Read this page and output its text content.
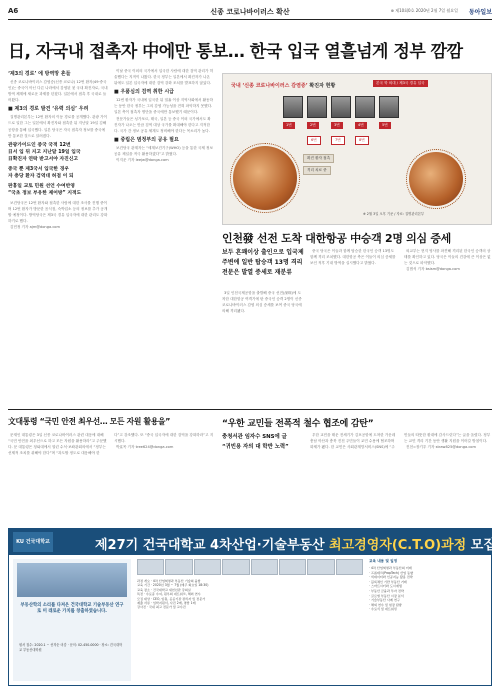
A6	신종 코로나바이러스 확산	⊕ 제10회0호 2020년 2월 7일 월요일 동아일보
日, 자국내 접촉자 中에만 통보… 한국 입국 열흘넘게 정부 깜깜
‘제3의 경로’ 에 방역망 흔들

신종 코로나바이러스 감염증(신종 코로나) 12번 환자(49·중국인)는 중국이 아닌 다른 나라에서 감염된 첫 국내 확진자로, 국내 방역 체계에 새로운 과제를 던졌다. 일본에서 접촉 후 국내로 들어왔다.

■ 제3의 경로 발견 ‘유력 의심’ 우려

질병관리본부는 12번 환자의 이동 경로를 공개했다. 관광 가이드로 일한 그는 일본에서 확진자와 접촉한 뒤 지난달 19일 김해공항을 통해 입국했다. 일본 당국은 자국 접촉자 정보를 중국에만 통보한 것으로 알려졌다.

관광가이드인 중국 국적 12번
日서 입 뒤 지고 지난달 19일 입국
日확진자 연락 받고서야 자진신고
중국 뿐 제3국서 입국한 경우
자 충당 환자 검역대 허점 이 되
판홍일 교토 민원 선언 수여반영
“국초 정보 부유한 제어방” 지적도

보건당국은 12번 환자와 접촉한 사람에 대한 조사를 진행 중이며 12번 환자가 방문한 음식점, 숙박업소 등의 정보를 추가 공개할 예정이다. 방역당국은 제3국 경유 입국자에 대한 관리도 강화하기로 했다.

김민정 기자 ajm@donga.com

이날 중국 이외의 국가에서 입국한 사람에 대한 검역 관리가 허술했다는 지적이 나왔다. 한국 정부는 일본에서 확진자가 나온 뒤에도 일본 입국자에 대한 검역 강화 조치를 발표하지 않았다.

■ 우품심의 검역 취한 시급

12번 환자가 국내에 입국한 뒤 열흘 이상 지역사회에서 활동하는 동안 한국 정부는 그의 감염 가능성을 전혀 파악하지 못했다. 일본 측이 접촉자 명단을 중국에만 통보했기 때문이다.

전문가들은 싱가포르, 태국, 일본 등 중국 이외 국가에서도 확진자가 나오는 만큼 검역 대상 국가를 확대해야 한다고 지적한다. 국가 간 정보 공유 체계도 정비해야 한다는 목소리가 높다.

■ 중립은 범정부의 공유 필요

보건당국 관계자는 “세계보건기구(WHO) 등을 통한 국제 정보 공유 채널을 적극 활용하겠다”고 밝혔다.

이지운 기자 leejw@donga.com

국내 ‘신종 코로나바이러스 감염증’ 확진자 현황	본국 학 외대 / 제3국 경유 입국
1번	2번	3번	4번	5번
6번	7번	8번
확진 환자 접촉
격리 치료 중
※ 2월 3일 오후 기준 / 자료: 질병관리본부
인천發 선전 도착 대한항공 中승객 2명 의심 증세
보두 흔쾌이상 출인으로 입국제
주변에 일반 탑승객 13명 격리
전문은 발열 증세로 재분류

3일 인천국제공항을 출발해 중국 선전(深圳)에 도착한 대한항공 여객기에 탄 중국인 승객 2명이 신종 코로나바이러스 감염 의심 증세를 보여 중국 당국에 의해 격리됐다.

중국 당국은 이들과 함께 탑승한 한국인 승객 13명도 함께 격리 조치했다. 대한항공 측은 이들이 의심 증세를 보인 직후 기내 방역을 실시했다고 밝혔다.

외교부는 현지 영사를 파견해 격리된 한국인 승객의 상태를 확인하고 있다. 당국은 이들의 건강에 큰 이상은 없는 것으로 파악했다.

김범석 기자 bsism@donga.com

文대통령 “국민 안전 최우선… 모든 자원 활용을”

문재인 대통령은 3일 신종 코로나바이러스 관련 대응에 대해 “국민 안전을 최우선으로 하고 모든 자원을 활용하라”고 주문했다. 문 대통령은 청와대에서 열린 수석·보좌관회의에서 “정부는 선제적 조치를 취해야 한다”며 “과도할 정도로 대응해야 한다”고 강조했다. 또 “중국 입국자에 대한 검역을 강화하라”고 지시했다.

박효목 기자 tree624@donga.com

“우한 교민들 전폭적 철수 협조에 감탄”
충청서관 임자수 SNS에 글
“귀빈용 자의 대 학반 노력”

우한 교민을 태운 전세기가 김포공항에 도착한 가운데 충남 아산과 충북 진천 주민들이 교민 수용에 협조하며 화제가 됐다. 한 교민은 사회관계망서비스(SNS)에 “주민들의 따뜻한 환대에 감사드린다”는 글을 올렸다. 정부는 교민 격리 기간 동안 생활 지원을 이어갈 방침이다.

진천=장기우 기자 straw825@donga.com

KU 건국대학교	제27기 건국대학교 4차산업·기술부동산 최고경영자(C.T.O)과정 모집
부동산학의 소리를 다져온 건국대학교 기술부동산 연구로 미 래로운 가치를 창출하였습니다.
원서 접수: 2020.1 ~ 선착순 마감 · 문의: 02-450-0000 · 장소: 건국대학교 부동산대학원
과정 개요 · 4차 산업혁명과 부동산 기술의 융합
교육 기간 · 2020년 3월 ~ 7월 (매주 화요일 18:30)
교육 장소 · 건국대학교 새천년관 강의실
특전 · 수료증 수여, 원우회 네트워크, 해외 연수
모집 대상 · CEO, 임원, 공공기관 관리자 및 전문가
제출 서류 · 입학지원서, 사진 2매, 명함 1매
강사진 · 국내 최고 전문가 및 교수진
교육 내용 및 일정
· 4차 산업혁명과 부동산의 미래
· 프롭테크(PropTech) 산업 동향
· 빅데이터와 인공지능 활용 전략
· 블록체인 기반 부동산 거래
· 스마트시티와 도시재생
· 부동산 금융과 투자 전략
· 글로벌 부동산 시장 분석
· 기술부동산 사례 연구
· 해외 연수 및 현장 탐방
· 수료식 및 네트워킹
